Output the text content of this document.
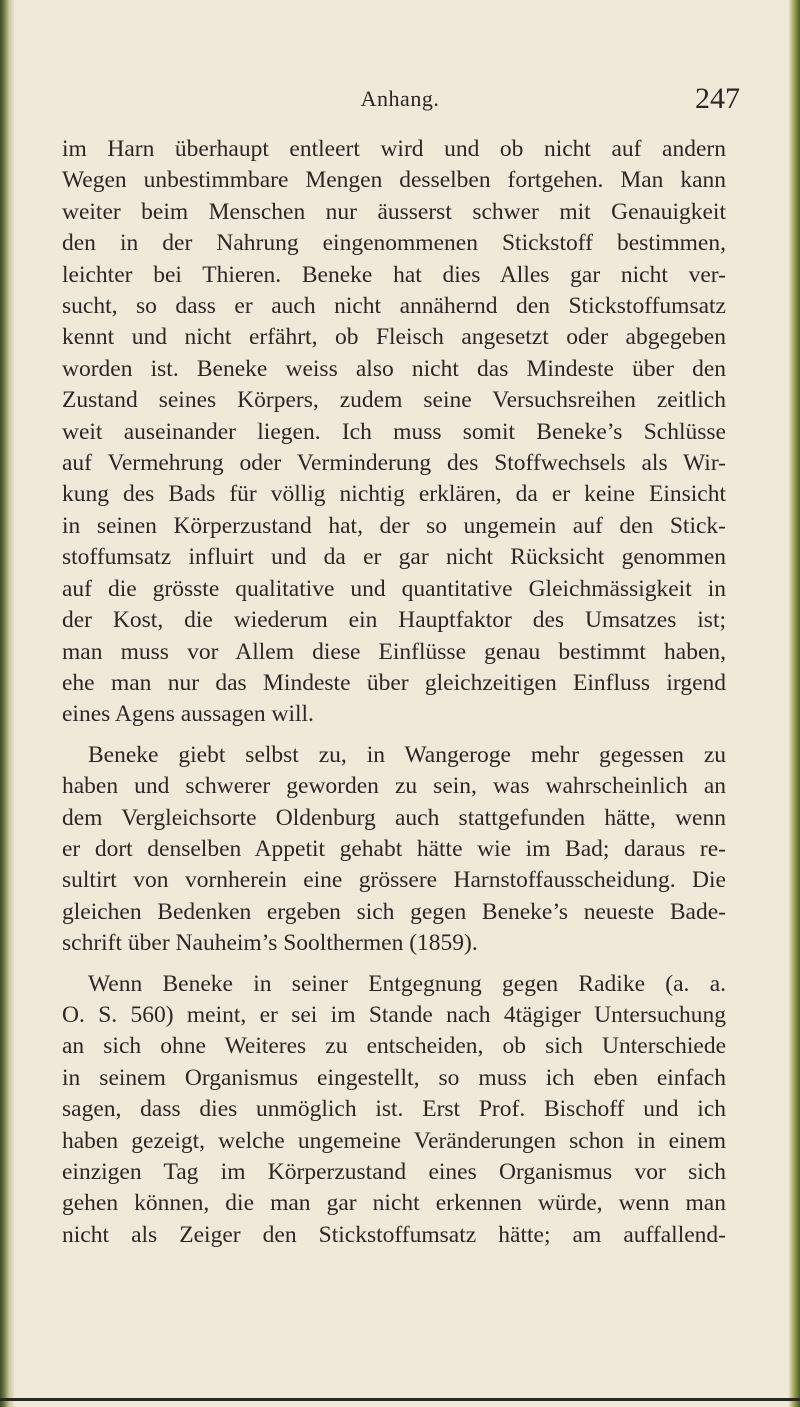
Anhang.	247
im Harn überhaupt entleert wird und ob nicht auf andern
Wegen unbestimmbare Mengen desselben fortgehen. Man kann
weiter beim Menschen nur äusserst schwer mit Genauigkeit
den in der Nahrung eingenommenen Stickstoff bestimmen,
leichter bei Thieren. Beneke hat dies Alles gar nicht ver-
sucht, so dass er auch nicht annähernd den Stickstoffumsatz
kennt und nicht erfährt, ob Fleisch angesetzt oder abgegeben
worden ist. Beneke weiss also nicht das Mindeste über den
Zustand seines Körpers, zudem seine Versuchsreihen zeitlich
weit auseinander liegen. Ich muss somit Beneke’s Schlüsse
auf Vermehrung oder Verminderung des Stoffwechsels als Wir-
kung des Bads für völlig nichtig erklären, da er keine Einsicht
in seinen Körperzustand hat, der so ungemein auf den Stick-
stoffumsatz influirt und da er gar nicht Rücksicht genommen
auf die grösste qualitative und quantitative Gleichmässigkeit in
der Kost, die wiederum ein Hauptfaktor des Umsatzes ist;
man muss vor Allem diese Einflüsse genau bestimmt haben,
ehe man nur das Mindeste über gleichzeitigen Einfluss irgend
eines Agens aussagen will.
Beneke giebt selbst zu, in Wangeroge mehr gegessen zu
haben und schwerer geworden zu sein, was wahrscheinlich an
dem Vergleichsorte Oldenburg auch stattgefunden hätte, wenn
er dort denselben Appetit gehabt hätte wie im Bad; daraus re-
sultirt von vornherein eine grössere Harnstoffausscheidung. Die
gleichen Bedenken ergeben sich gegen Beneke’s neueste Bade-
schrift über Nauheim’s Soolthermen (1859).
Wenn Beneke in seiner Entgegnung gegen Radike (a. a.
O. S. 560) meint, er sei im Stande nach 4tägiger Untersuchung
an sich ohne Weiteres zu entscheiden, ob sich Unterschiede
in seinem Organismus eingestellt, so muss ich eben einfach
sagen, dass dies unmöglich ist. Erst Prof. Bischoff und ich
haben gezeigt, welche ungemeine Veränderungen schon in einem
einzigen Tag im Körperzustand eines Organismus vor sich
gehen können, die man gar nicht erkennen würde, wenn man
nicht als Zeiger den Stickstoffumsatz hätte; am auffallend-
